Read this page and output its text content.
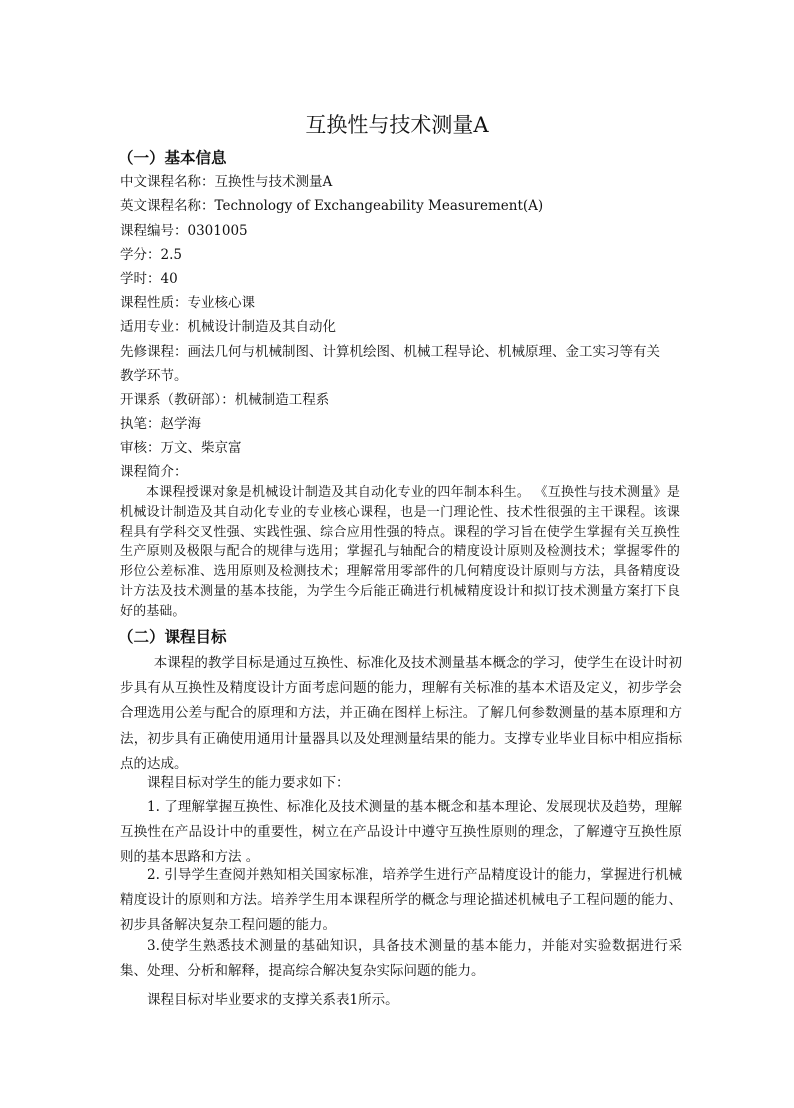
互换性与技术测量A
（一）基本信息
中文课程名称：互换性与技术测量A
英文课程名称：Technology of Exchangeability Measurement(A)
课程编号：0301005
学分：2.5
学时：40
课程性质：专业核心课
适用专业：机械设计制造及其自动化
先修课程：画法几何与机械制图、计算机绘图、机械工程导论、机械原理、金工实习等有关
教学环节。
开课系（教研部）：机械制造工程系
执笔：赵学海
审核：万文、柴京富
课程简介：
本课程授课对象是机械设计制造及其自动化专业的四年制本科生。 《互换性与技术测量》是机械设计制造及其自动化专业的专业核心课程，也是一门理论性、技术性很强的主干课程。该课程具有学科交叉性强、实践性强、综合应用性强的特点。课程的学习旨在使学生掌握有关互换性生产原则及极限与配合的规律与选用；掌握孔与轴配合的精度设计原则及检测技术；掌握零件的形位公差标准、选用原则及检测技术；理解常用零部件的几何精度设计原则与方法，具备精度设计方法及技术测量的基本技能，为学生今后能正确进行机械精度设计和拟订技术测量方案打下良好的基础。
（二）课程目标
本课程的教学目标是通过互换性、标准化及技术测量基本概念的学习，使学生在设计时初步具有从互换性及精度设计方面考虑问题的能力，理解有关标准的基本术语及定义，初步学会合理选用公差与配合的原理和方法，并正确在图样上标注。了解几何参数测量的基本原理和方法，初步具有正确使用通用计量器具以及处理测量结果的能力。支撑专业毕业目标中相应指标点的达成。
课程目标对学生的能力要求如下：
1. 了理解掌握互换性、标准化及技术测量的基本概念和基本理论、发展现状及趋势，理解互换性在产品设计中的重要性，树立在产品设计中遵守互换性原则的理念，了解遵守互换性原则的基本思路和方法 。
2. 引导学生查阅并熟知相关国家标准，培养学生进行产品精度设计的能力，掌握进行机械精度设计的原则和方法。培养学生用本课程所学的概念与理论描述机械电子工程问题的能力、初步具备解决复杂工程问题的能力。
3.使学生熟悉技术测量的基础知识，具备技术测量的基本能力，并能对实验数据进行采集、处理、分析和解释，提高综合解决复杂实际问题的能力。
课程目标对毕业要求的支撑关系表1所示。
